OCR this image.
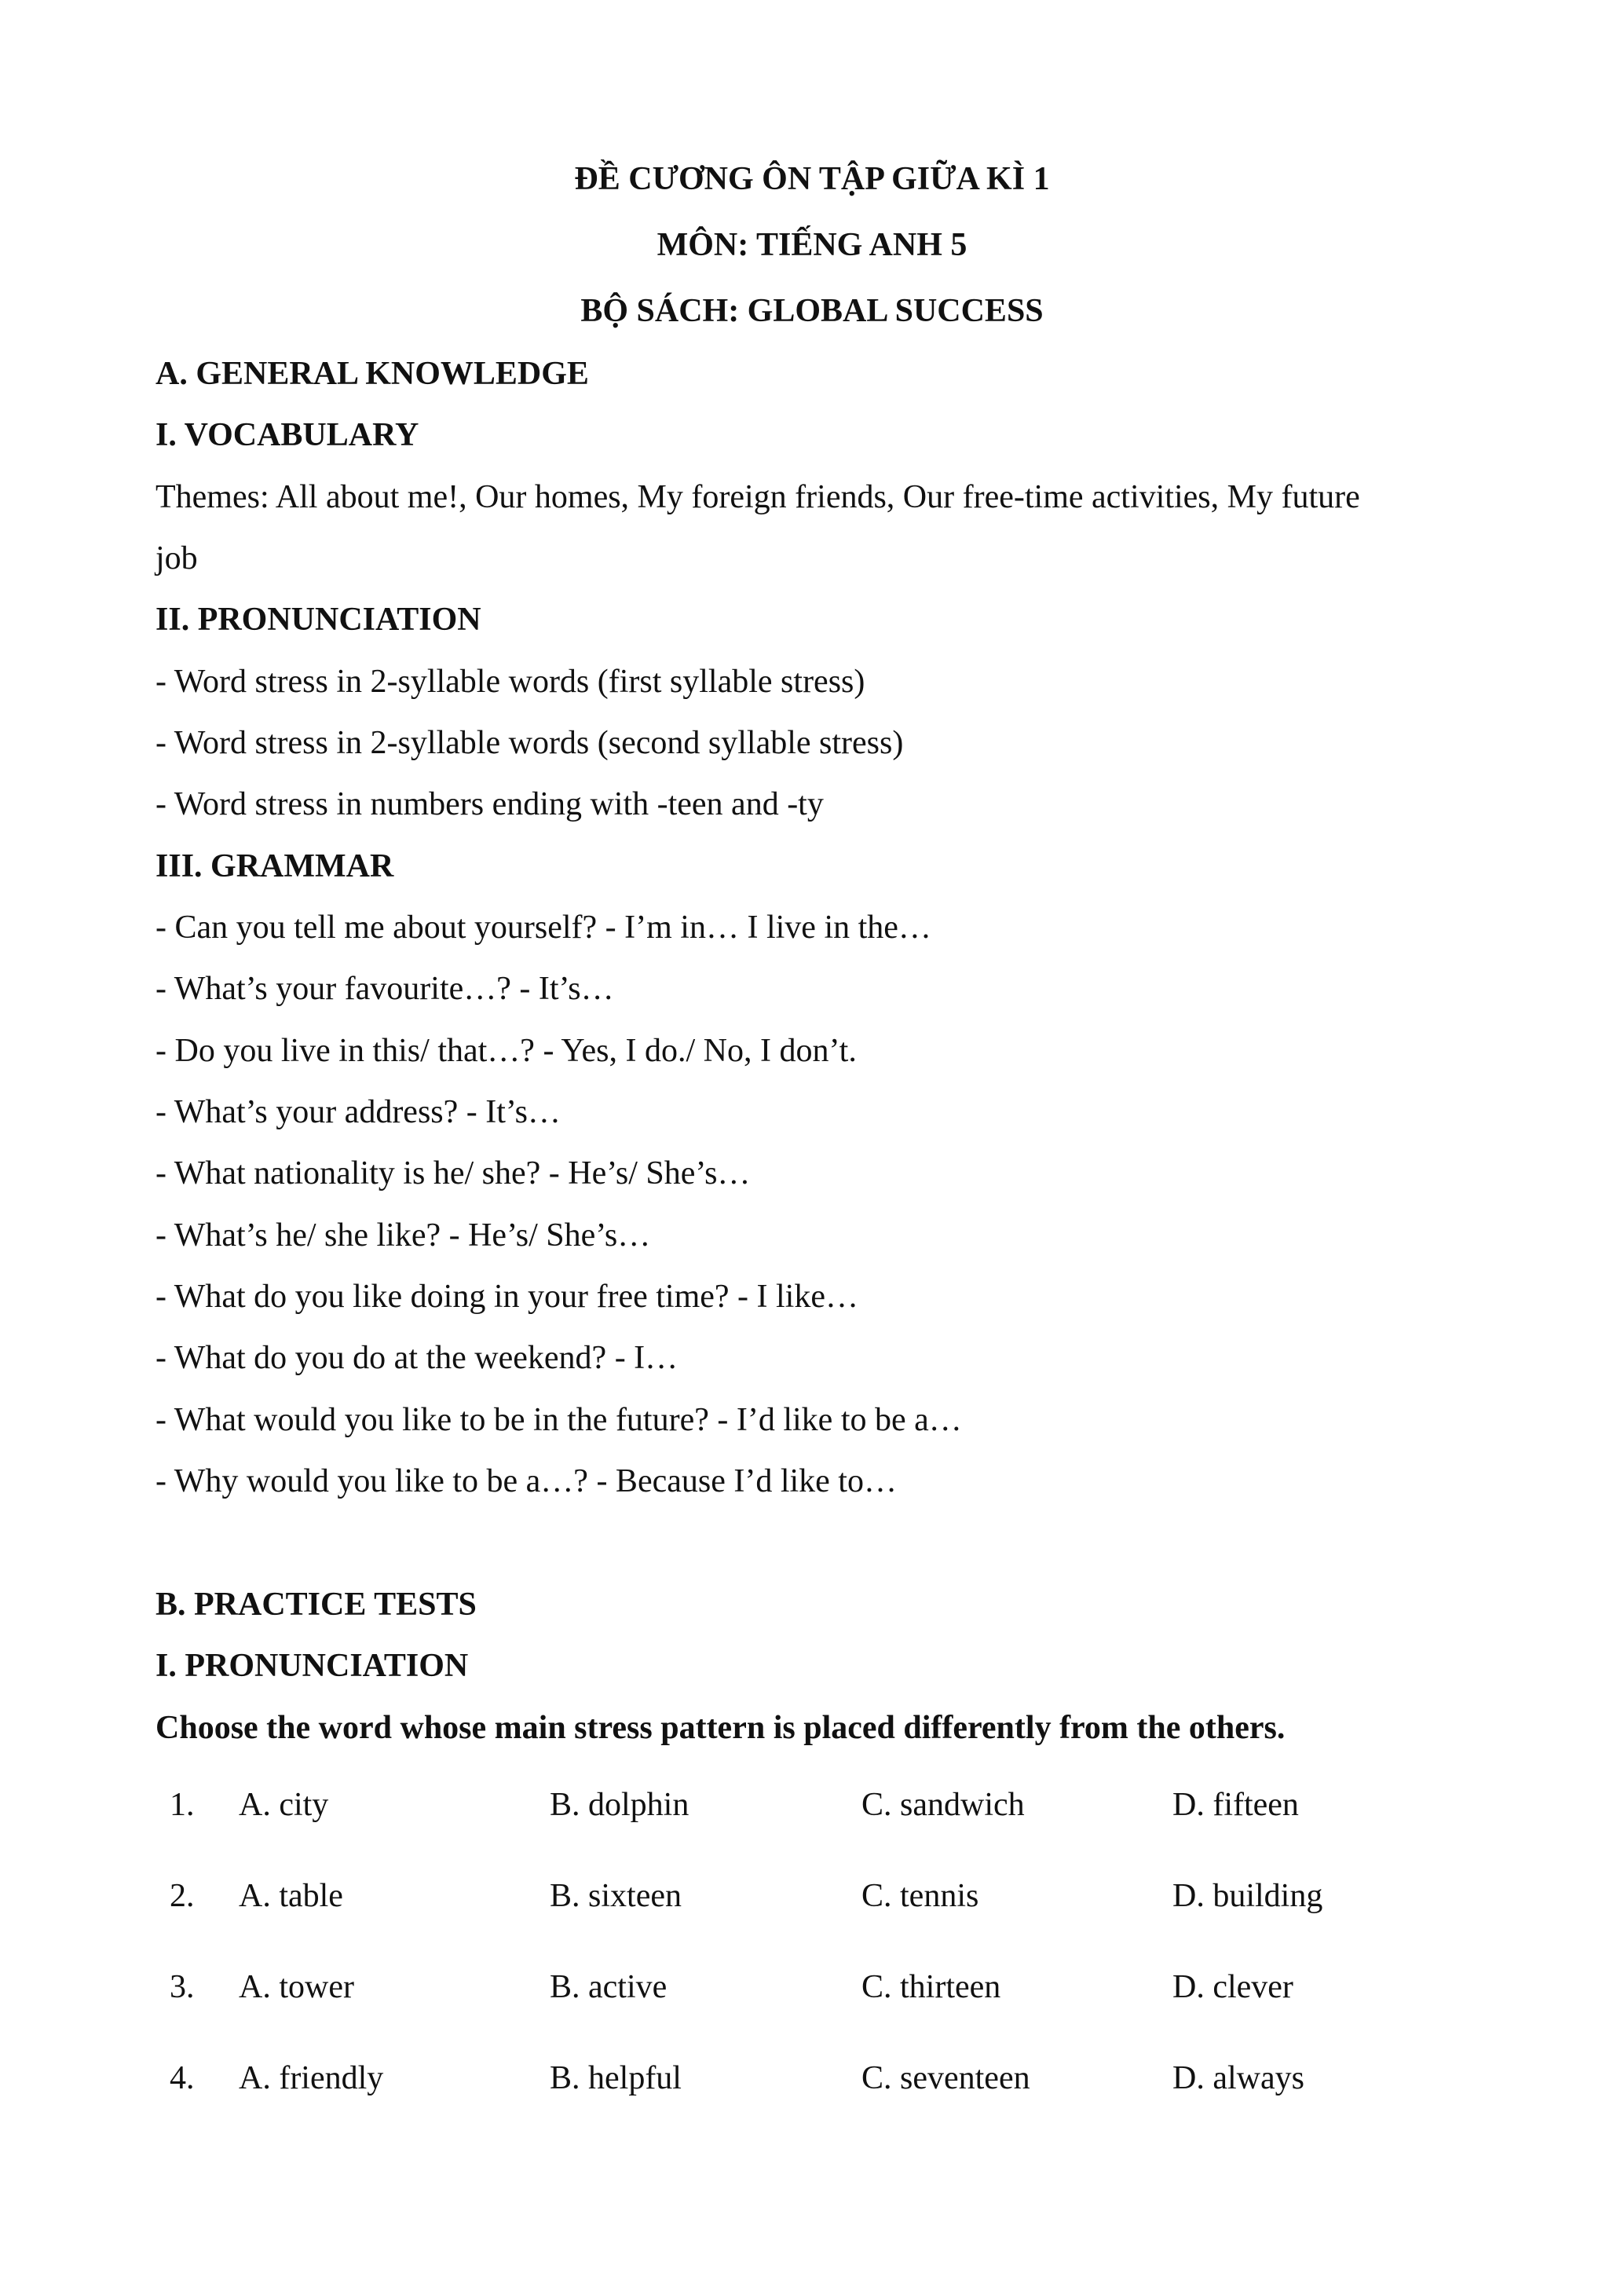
ĐỀ CƯƠNG ÔN TẬP GIỮA KÌ 1
MÔN: TIẾNG ANH 5
BỘ SÁCH: GLOBAL SUCCESS
A. GENERAL KNOWLEDGE
I. VOCABULARY
Themes: All about me!, Our homes, My foreign friends, Our free-time activities, My future
job
II. PRONUNCIATION
- Word stress in 2-syllable words (first syllable stress)
- Word stress in 2-syllable words (second syllable stress)
- Word stress in numbers ending with -teen and -ty
III. GRAMMAR
- Can you tell me about yourself? - I’m in… I live in the…
- What’s your favourite…? - It’s…
- Do you live in this/ that…? - Yes, I do./ No, I don’t.
- What’s your address? - It’s…
- What nationality is he/ she? - He’s/ She’s…
- What’s he/ she like? - He’s/ She’s…
- What do you like doing in your free time? - I like…
- What do you do at the weekend? - I…
- What would you like to be in the future? - I’d like to be a…
- Why would you like to be a…? - Because I’d like to…
B. PRACTICE TESTS
I. PRONUNCIATION
Choose the word whose main stress pattern is placed differently from the others.
1. A. city	B. dolphin	C. sandwich	D. fifteen
2. A. table	B. sixteen	C. tennis	D. building
3. A. tower	B. active	C. thirteen	D. clever
4. A. friendly	B. helpful	C. seventeen	D. always
